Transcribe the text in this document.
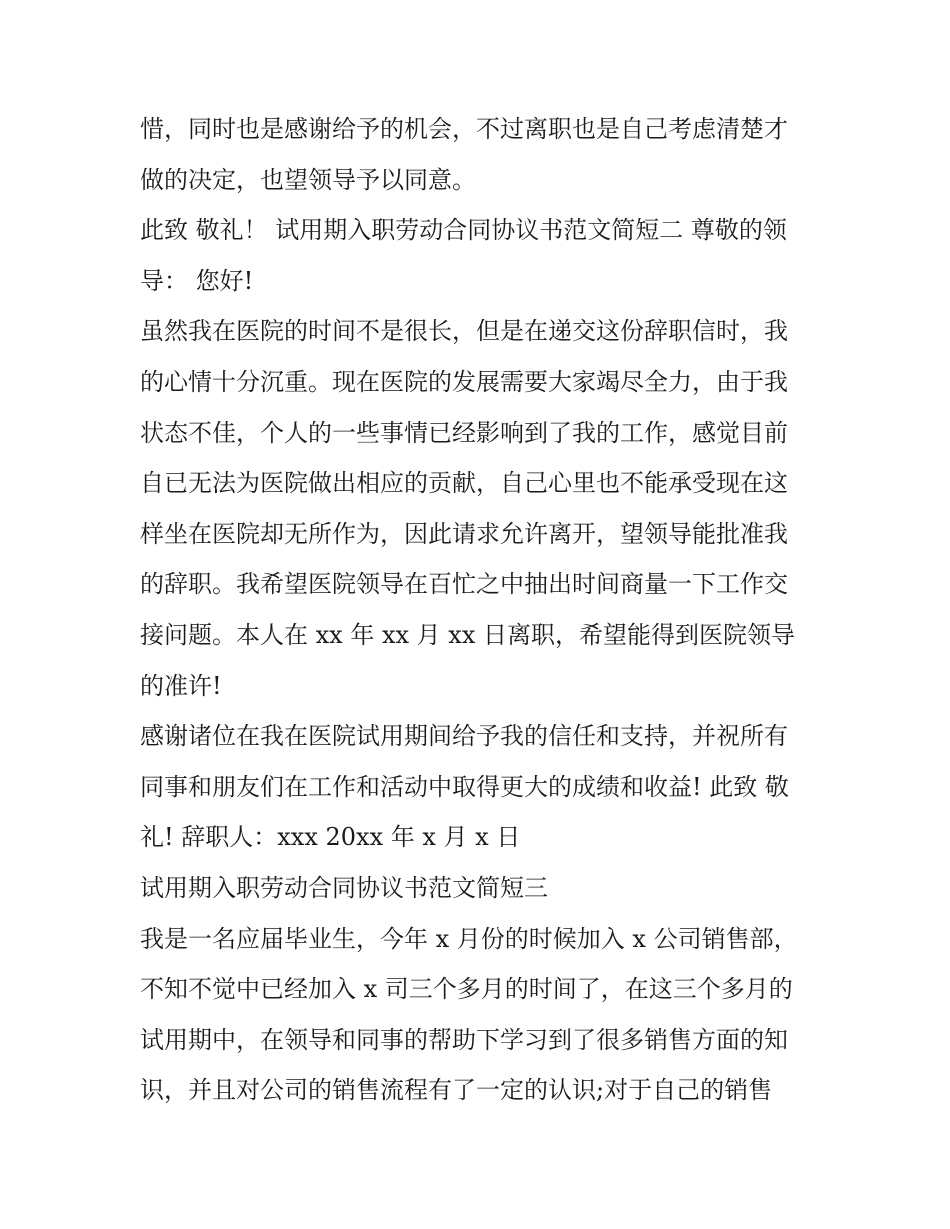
惜，同时也是感谢给予的机会，不过离职也是自己考虑清楚才
做的决定，也望领导予以同意。
此致 敬礼！ 试用期入职劳动合同协议书范文简短二 尊敬的领
导： 您好!
虽然我在医院的时间不是很长，但是在递交这份辞职信时，我
的心情十分沉重。现在医院的发展需要大家竭尽全力，由于我
状态不佳，个人的一些事情已经影响到了我的工作，感觉目前
自已无法为医院做出相应的贡献，自己心里也不能承受现在这
样坐在医院却无所作为，因此请求允许离开，望领导能批准我
的辞职。我希望医院领导在百忙之中抽出时间商量一下工作交
接问题。本人在 xx 年 xx 月 xx 日离职，希望能得到医院领导
的准许!
感谢诸位在我在医院试用期间给予我的信任和支持，并祝所有
同事和朋友们在工作和活动中取得更大的成绩和收益! 此致 敬
礼! 辞职人：xxx 20xx 年 x 月 x 日
试用期入职劳动合同协议书范文简短三
我是一名应届毕业生，今年 x 月份的时候加入 x 公司销售部，
不知不觉中已经加入 x 司三个多月的时间了，在这三个多月的
试用期中，在领导和同事的帮助下学习到了很多销售方面的知
识，并且对公司的销售流程有了一定的认识;对于自己的销售
